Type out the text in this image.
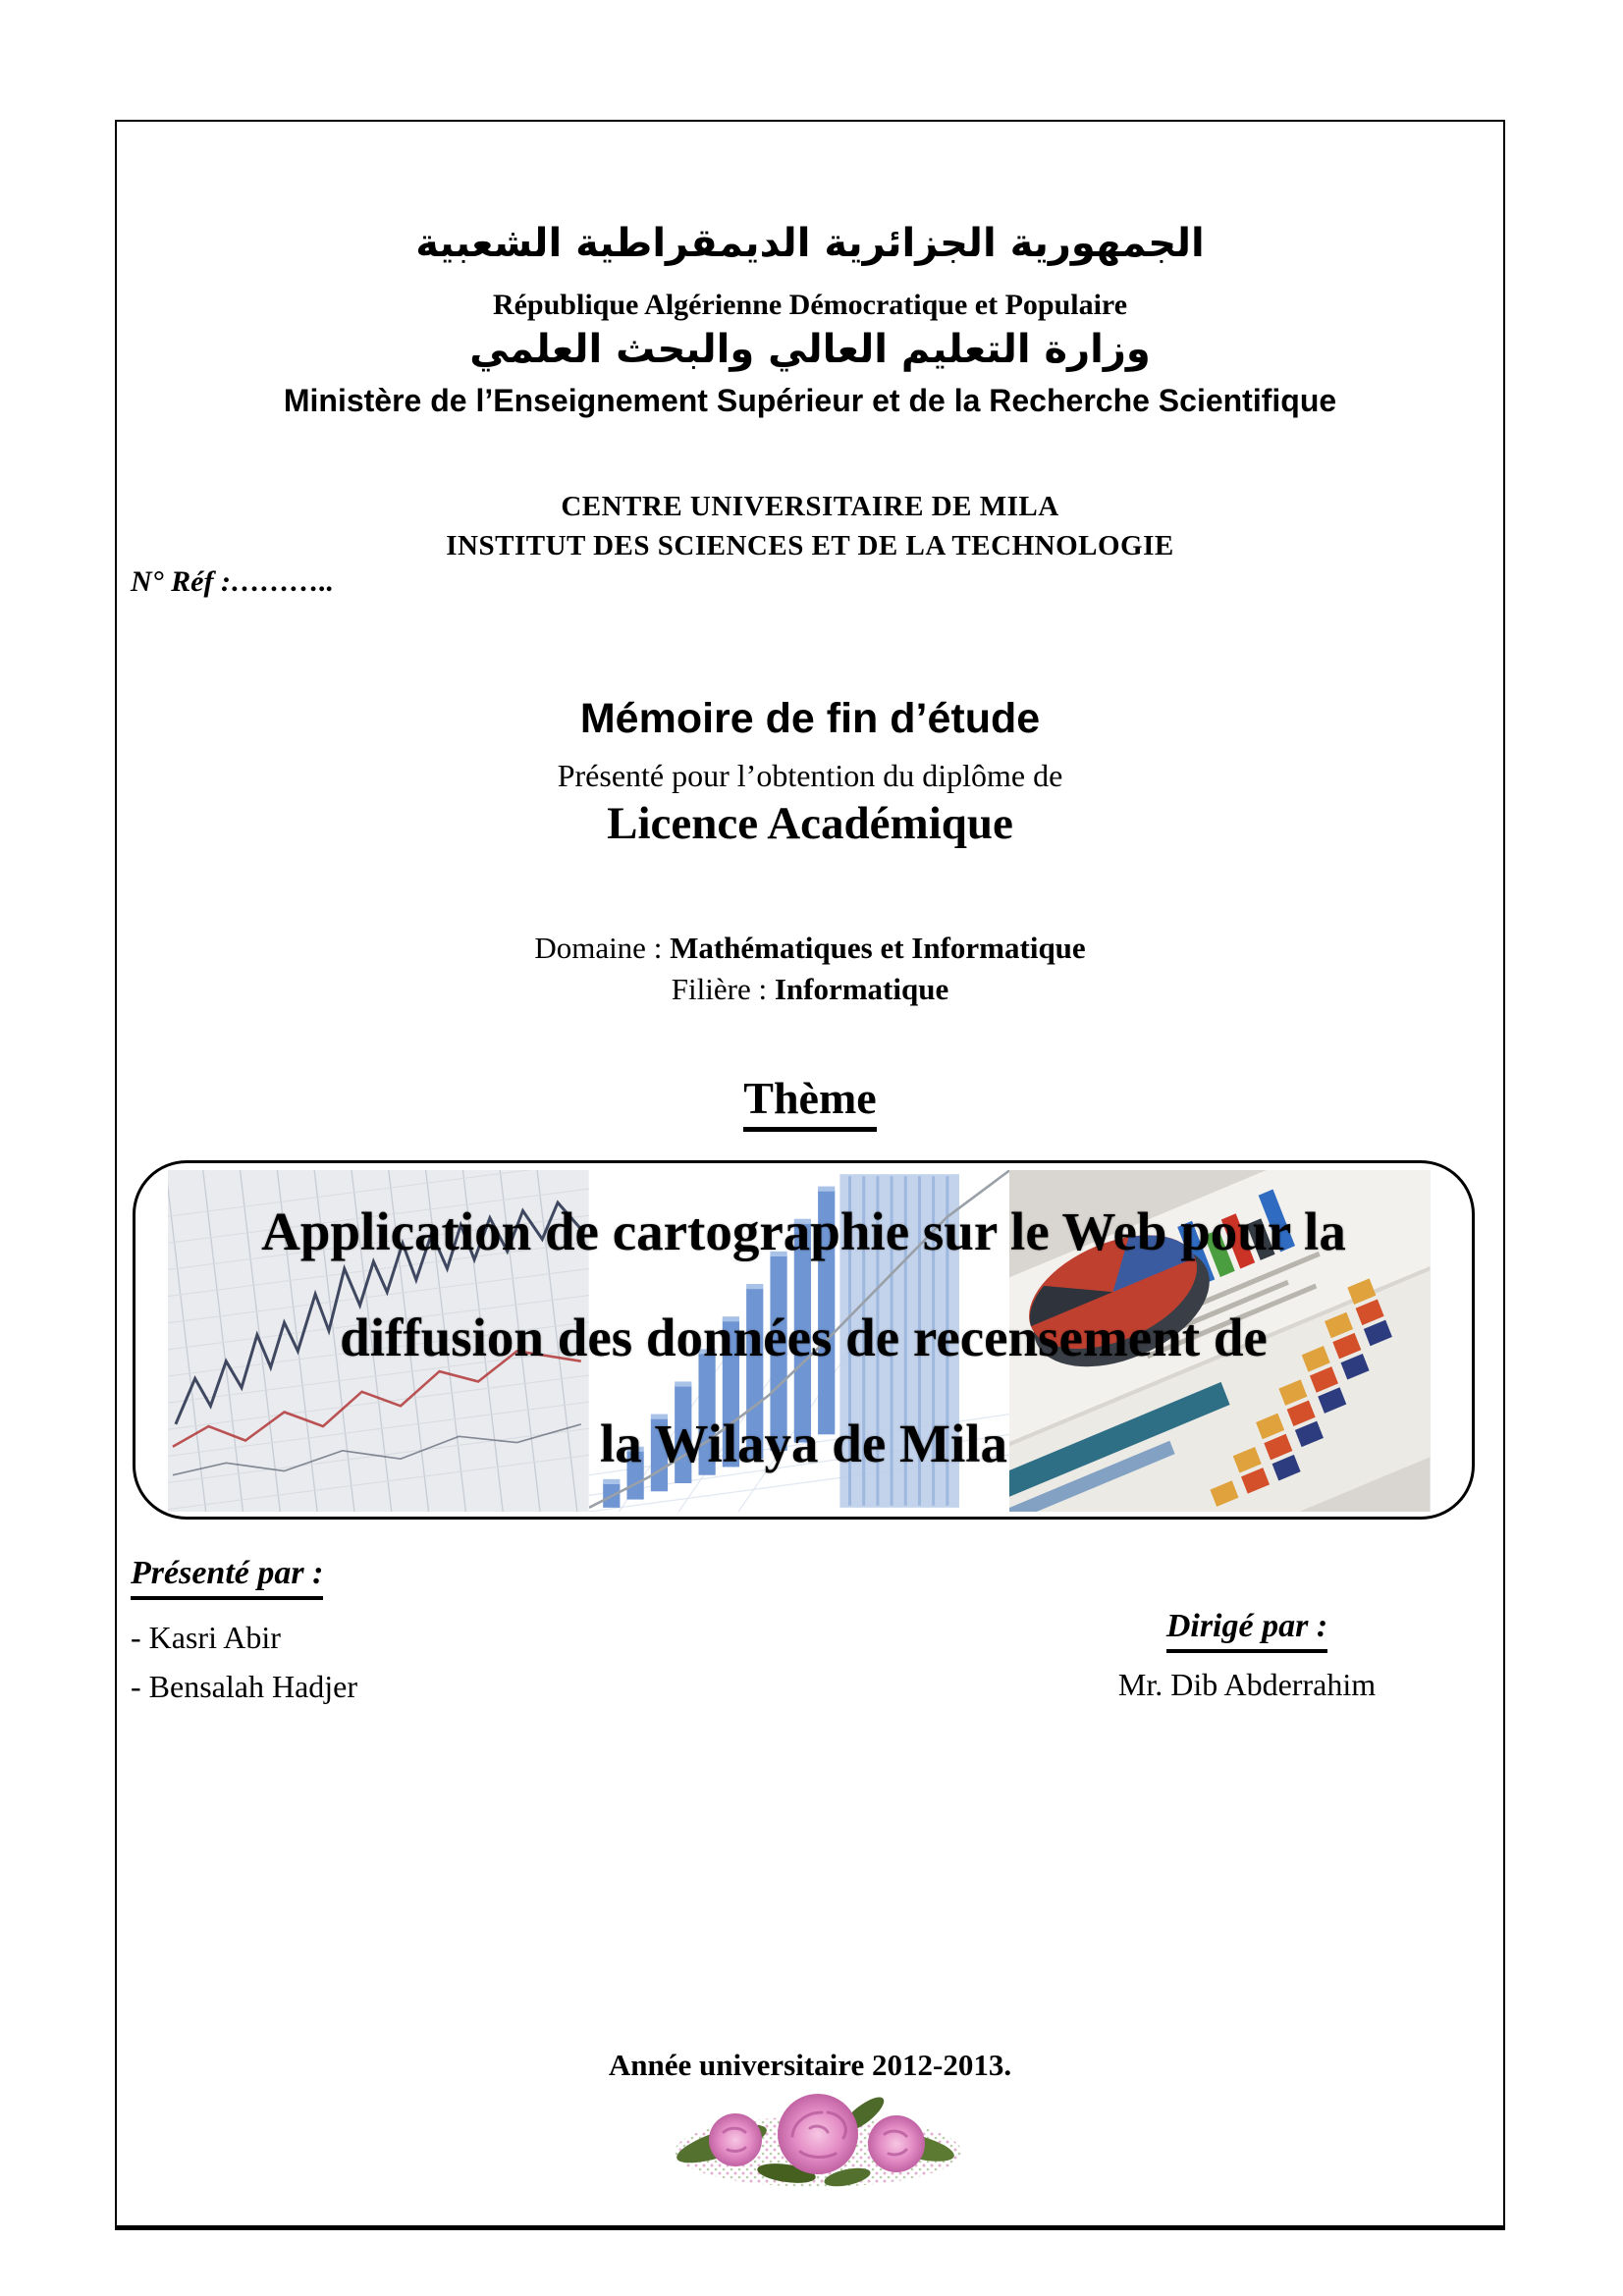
الجمهورية الجزائرية الديمقراطية الشعبية
République Algérienne Démocratique et Populaire
وزارة التعليم العالي والبحث العلمي
Ministère de l’Enseignement Supérieur et de la Recherche Scientifique
CENTRE UNIVERSITAIRE DE MILA
INSTITUT DES SCIENCES ET DE LA TECHNOLOGIE
N° Réf :………..
Mémoire de fin d’étude
Présenté pour l’obtention du diplôme de
Licence Académique
Domaine : Mathématiques et Informatique
Filière : Informatique
Thème
Application de cartographie sur le Web pour la
diffusion des données de recensement de
la Wilaya de Mila
Présenté par :
- Kasri Abir
- Bensalah Hadjer
Dirigé par :
Mr. Dib Abderrahim
Année universitaire 2012-2013.
